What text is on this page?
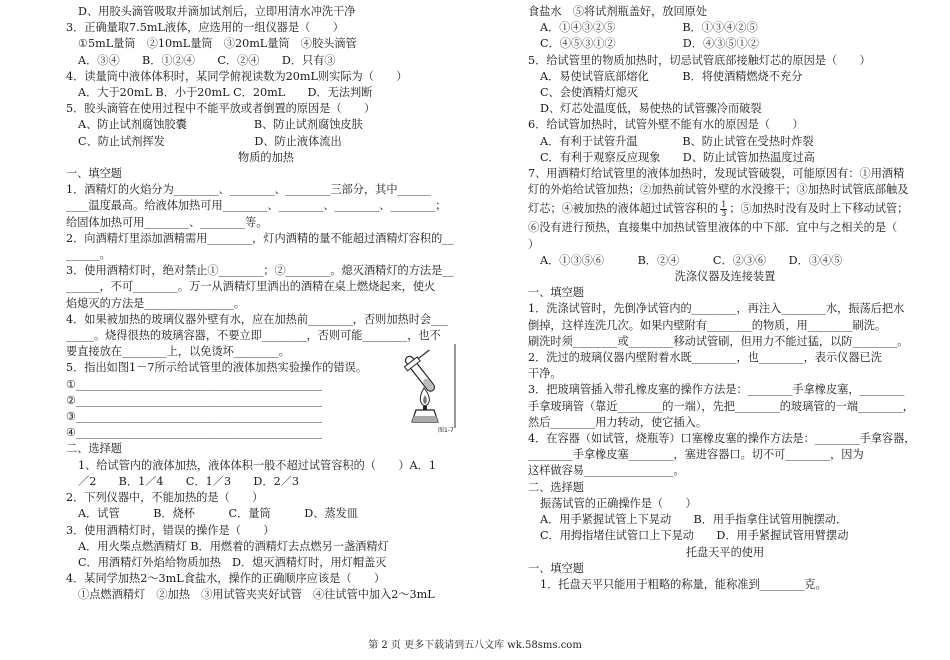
D、用胶头滴管吸取并滴加试剂后，立即用清水冲洗干净
3．正确量取7.5mL液体，应选用的一组仪器是（　　）
①5mL量筒　②10mL量筒　③20mL量筒　④胶头滴管
A．③④　　B．①②④　　C．②④　　D．只有③
4．读量筒中液体体积时，某同学俯视读数为20mL则实际为（　　）
A．大于20mL B．小于20mL C．20mL　　D．无法判断
5．胶头滴管在使用过程中不能平放或者倒置的原因是（　　）
A、防止试剂腐蚀胶囊　　　　　　B、防止试剂腐蚀皮肤
C、防止试剂挥发　　　　　　　　D、防止液体流出
物质的加热
一、填空题
1．酒精灯的火焰分为________、________、________三部分，其中______
____温度最高。给液体加热可用________、________、________、________；
给固体加热可用________、________等。
2．向酒精灯里添加酒精需用________，灯内酒精的量不能超过酒精灯容积的__
______。
3．使用酒精灯时，绝对禁止①________；②________。熄灭酒精灯的方法是__
______，不可________。万一从酒精灯里洒出的酒精在桌上燃烧起来，使火
焰熄灭的方法是________________。
4．如果被加热的玻璃仪器外壁有水，应在加热前________，否则加热时会___
_____。烧得很热的玻璃容器，不要立即________，否则可能________，也不
要直接放在________上，以免烫坏________。
5．指出如图1－7所示给试管里的液体加热实验操作的错误。
①____________________________________________
②____________________________________________
③____________________________________________
④____________________________________________
二、选择题
1、给试管内的液体加热，液体体积一般不超过试管容积的（　　）A．1
／2　　B．1／4　　C．1／3　　D．2／3
2．下列仪器中，不能加热的是（　　）
A．试管　　　B．烧杯　　　C．量筒　　　D、蒸发皿
3．使用酒精灯时，错误的操作是（　　）
A．用火柴点燃酒精灯 B．用燃着的酒精灯去点燃另一盏酒精灯
C．用酒精灯外焰给物质加热　D．熄灭酒精灯时，用灯帽盖灭
4．某同学加热2～3mL食盐水，操作的正确顺序应该是（　　）
①点燃酒精灯　②加热　③用试管夹夹好试管　④往试管中加入2～3mL
图1-7
食盐水　⑤将试剂瓶盖好，放回原处
A．①④③②⑤　　　　　　B．①③④②⑤
C．④⑤③①②　　　　　　D．④③⑤①②
5．给试管里的物质加热时，切忌试管底部接触灯芯的原因是（　　）
A．易使试管底部熔化　　　B．将使酒精燃烧不充分
C、会使酒精灯熄灭
D、灯芯处温度低，易使热的试管骤冷而破裂
6．给试管加热时，试管外壁不能有水的原因是（　　）
A．有利于试管升温　　　　B、防止试管在受热时炸裂
C．有利于观察反应现象　　D、防止试管加热温度过高
7、用酒精灯给试管里的液体加热时，发现试管破裂，可能原因有：①用酒精
灯的外焰给试管加热；②加热前试管外壁的水没擦干；③加热时试管底部触及
灯芯；④被加热的液体超过试管容积的 $\frac{1}{3}$ ；⑤加热时没有及时上下移动试管；
⑥没有进行预热，直接集中加热试管里液体的中下部．宜中与之相关的是（
）
A．①③⑤⑥　　　B．②④　　　C．②③⑥　　D．③④⑤
洗涤仪器及连接装置
一、填空题
1．洗涤试管时，先倒净试管内的________，再注入________水，振荡后把水
倒掉，这样连洗几次。如果内壁附有________的物质，用________刷洗。
刷洗时须________或________移动试管刷，但用力不能过猛，以防________。
2．洗过的玻璃仪器内壁附着水既________，也________，表示仪器已洗
干净。
3．把玻璃管插入带孔橡皮塞的操作方法是：________手拿橡皮塞，________
手拿玻璃管（靠近________的一端），先把________的玻璃管的一端________，
然后________用力转动，使它插入。
4．在容器（如试管，烧瓶等）口塞橡皮塞的操作方法是：________手拿容器，
________手拿橡皮塞________，塞进容器口。切不可________，因为
这样做容易________________。
二、选择题
振荡试管的正确操作是（　　）
A．用手紧握试管上下晃动　　B．用手指拿住试管用腕摆动．
C．用拇指堵住试管口上下晃动　　D．用手紧握试管用臂摆动
托盘天平的使用
一、填空题
1．托盘天平只能用于粗略的称量，能称准到________克。
第 2 页 更多下载请到五八文库 wk.58sms.com
